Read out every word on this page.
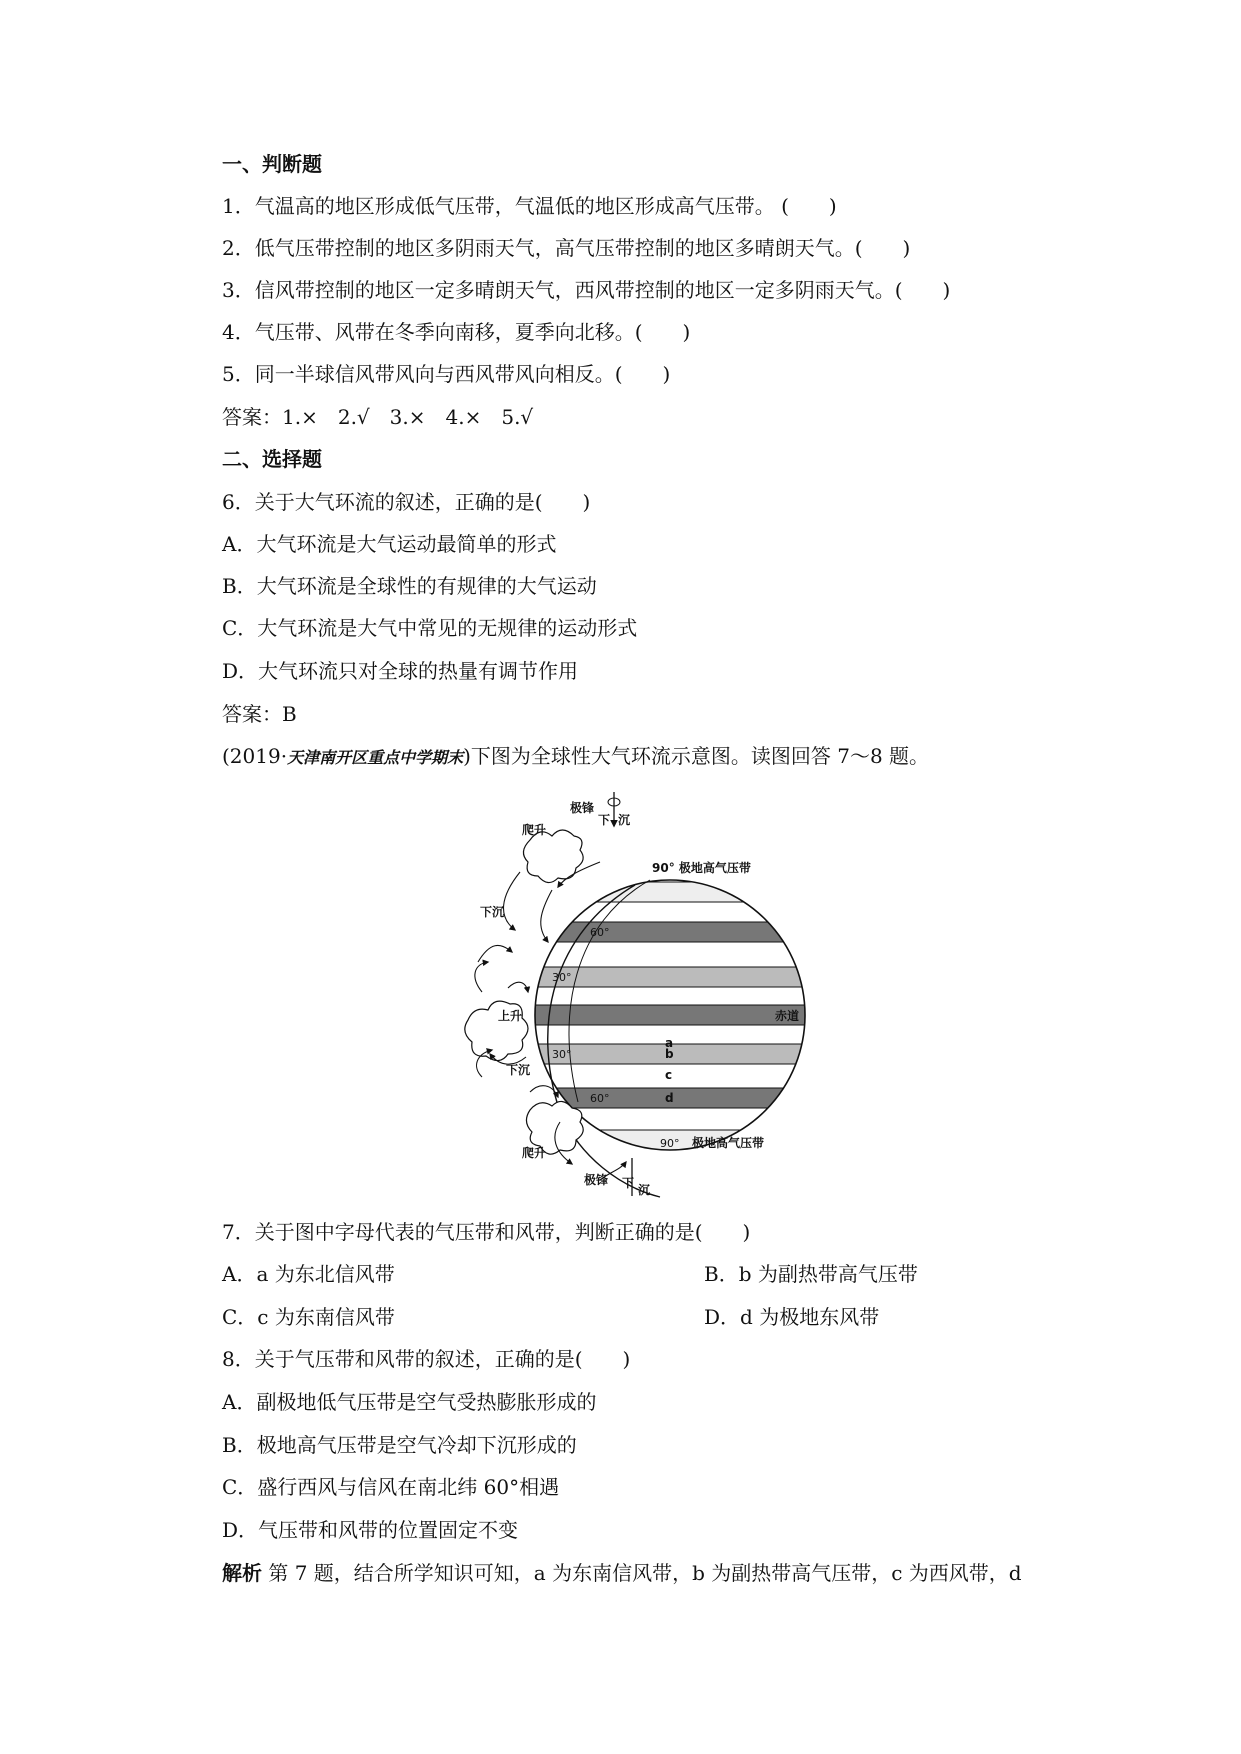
一、判断题
1．气温高的地区形成低气压带，气温低的地区形成高气压带。 (　　)
2．低气压带控制的地区多阴雨天气，高气压带控制的地区多晴朗天气。(　　)
3．信风带控制的地区一定多晴朗天气，西风带控制的地区一定多阴雨天气。(　　)
4．气压带、风带在冬季向南移，夏季向北移。(　　)
5．同一半球信风带风向与西风带风向相反。(　　)
答案：1.×　2.√　3.×　4.×　5.√
二、选择题
6．关于大气环流的叙述，正确的是(　　)
A．大气环流是大气运动最简单的形式
B．大气环流是全球性的有规律的大气运动
C．大气环流是大气中常见的无规律的运动形式
D．大气环流只对全球的热量有调节作用
答案：B
(2019·天津南开区重点中学期末)下图为全球性大气环流示意图。读图回答 7～8 题。
极锋
爬升
下 沉
90° 极地高气压带
60°
下沉
30°
上升	赤道
a
30°	b
下沉	c
60°	d
90° 极地高气压带
爬升
极锋 下 沉
7．关于图中字母代表的气压带和风带，判断正确的是(　　)
A．a 为东北信风带	B．b 为副热带高气压带
C．c 为东南信风带	D．d 为极地东风带
8．关于气压带和风带的叙述，正确的是(　　)
A．副极地低气压带是空气受热膨胀形成的
B．极地高气压带是空气冷却下沉形成的
C．盛行西风与信风在南北纬 60°相遇
D．气压带和风带的位置固定不变
解析 第 7 题，结合所学知识可知，a 为东南信风带，b 为副热带高气压带，c 为西风带，d
